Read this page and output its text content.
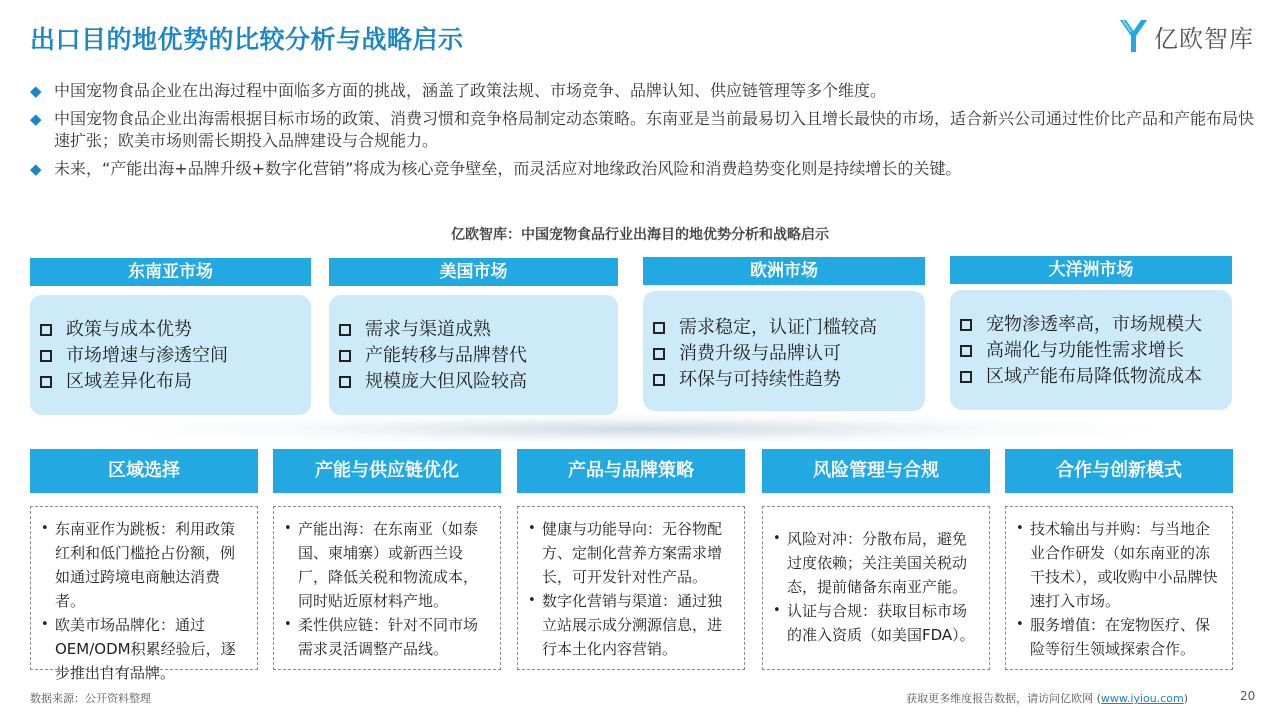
出口目的地优势的比较分析与战略启示	亿欧智库
◆ 中国宠物食品企业在出海过程中面临多方面的挑战，涵盖了政策法规、市场竞争、品牌认知、供应链管理等多个维度。
◆ 中国宠物食品企业出海需根据目标市场的政策、消费习惯和竞争格局制定动态策略。东南亚是当前最易切入且增长最快的市场，适合新兴公司通过性价比产品和产能布局快速扩张；欧美市场则需长期投入品牌建设与合规能力。
◆ 未来，“产能出海+品牌升级+数字化营销”将成为核心竞争壁垒，而灵活应对地缘政治风险和消费趋势变化则是持续增长的关键。
亿欧智库：中国宠物食品行业出海目的地优势分析和战略启示
东南亚市场
政策与成本优势
市场增速与渗透空间
区域差异化布局
美国市场
需求与渠道成熟
产能转移与品牌替代
规模庞大但风险较高
欧洲市场
需求稳定，认证门槛较高
消费升级与品牌认可
环保与可持续性趋势
大洋洲市场
宠物渗透率高，市场规模大
高端化与功能性需求增长
区域产能布局降低物流成本
区域选择
• 东南亚作为跳板：利用政策红利和低门槛抢占份额，例如通过跨境电商触达消费者。
• 欧美市场品牌化：通过OEM/ODM积累经验后，逐步推出自有品牌。
产能与供应链优化
• 产能出海：在东南亚（如泰国、柬埔寨）或新西兰设厂，降低关税和物流成本，同时贴近原材料产地。
• 柔性供应链：针对不同市场需求灵活调整产品线。
产品与品牌策略
• 健康与功能导向：无谷物配方、定制化营养方案需求增长，可开发针对性产品。
• 数字化营销与渠道：通过独立站展示成分溯源信息，进行本土化内容营销。
风险管理与合规
• 风险对冲：分散布局，避免过度依赖；关注美国关税动态，提前储备东南亚产能。
• 认证与合规：获取目标市场的准入资质（如美国FDA）。
合作与创新模式
• 技术输出与并购：与当地企业合作研发（如东南亚的冻干技术），或收购中小品牌快速打入市场。
• 服务增值：在宠物医疗、保险等衍生领域探索合作。
数据来源：公开资料整理	获取更多维度报告数据，请访问亿欧网 (www.iyiou.com)	20
